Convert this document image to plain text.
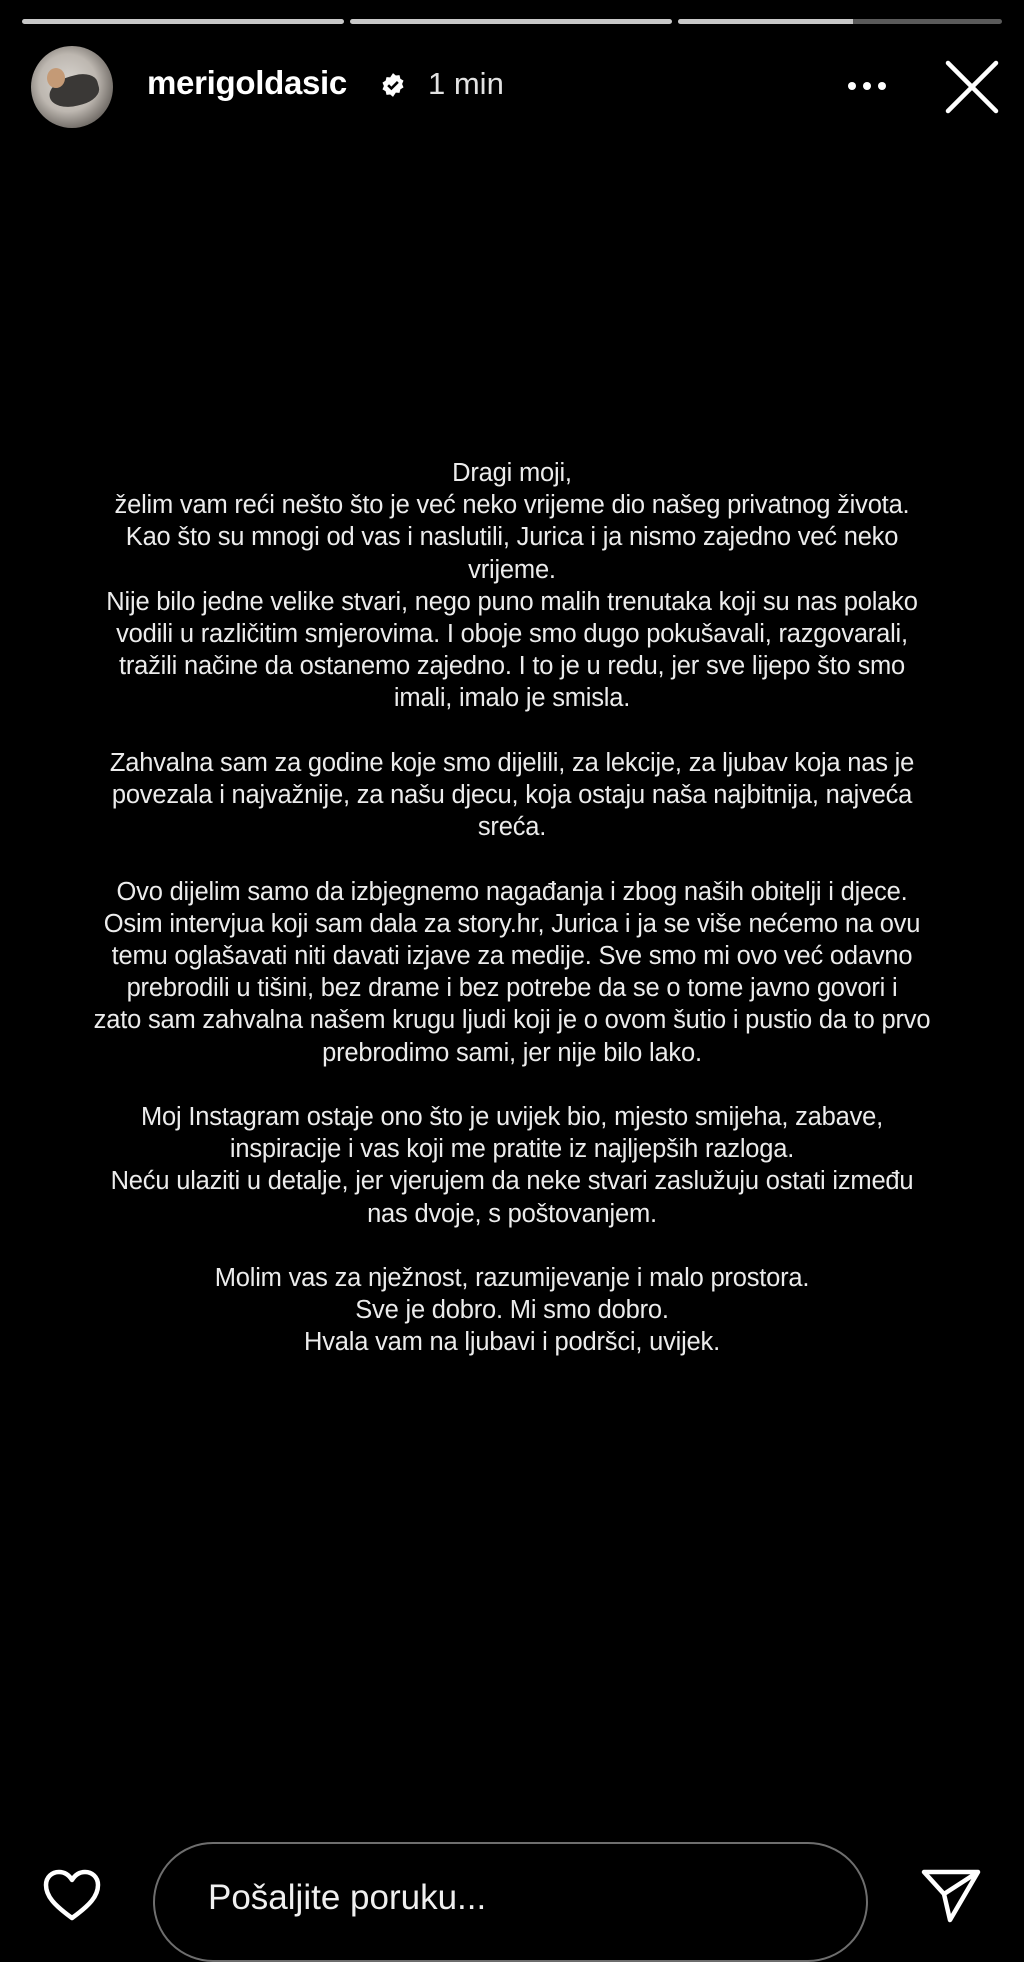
merigoldasic	1 min
Dragi moji,
želim vam reći nešto što je već neko vrijeme dio našeg privatnog života.
Kao što su mnogi od vas i naslutili, Jurica i ja nismo zajedno već neko
vrijeme.
Nije bilo jedne velike stvari, nego puno malih trenutaka koji su nas polako
vodili u različitim smjerovima. I oboje smo dugo pokušavali, razgovarali,
tražili načine da ostanemo zajedno. I to je u redu, jer sve lijepo što smo
imali, imalo je smisla.
Zahvalna sam za godine koje smo dijelili, za lekcije, za ljubav koja nas je
povezala i najvažnije, za našu djecu, koja ostaju naša najbitnija, najveća
sreća.
Ovo dijelim samo da izbjegnemo nagađanja i zbog naših obitelji i djece.
Osim intervjua koji sam dala za story.hr, Jurica i ja se više nećemo na ovu
temu oglašavati niti davati izjave za medije. Sve smo mi ovo već odavno
prebrodili u tišini, bez drame i bez potrebe da se o tome javno govori i
zato sam zahvalna našem krugu ljudi koji je o ovom šutio i pustio da to prvo
prebrodimo sami, jer nije bilo lako.
Moj Instagram ostaje ono što je uvijek bio, mjesto smijeha, zabave,
inspiracije i vas koji me pratite iz najljepših razloga.
Neću ulaziti u detalje, jer vjerujem da neke stvari zaslužuju ostati između
nas dvoje, s poštovanjem.
Molim vas za nježnost, razumijevanje i malo prostora.
Sve je dobro. Mi smo dobro.
Hvala vam na ljubavi i podršci, uvijek.
Pošaljite poruku...
